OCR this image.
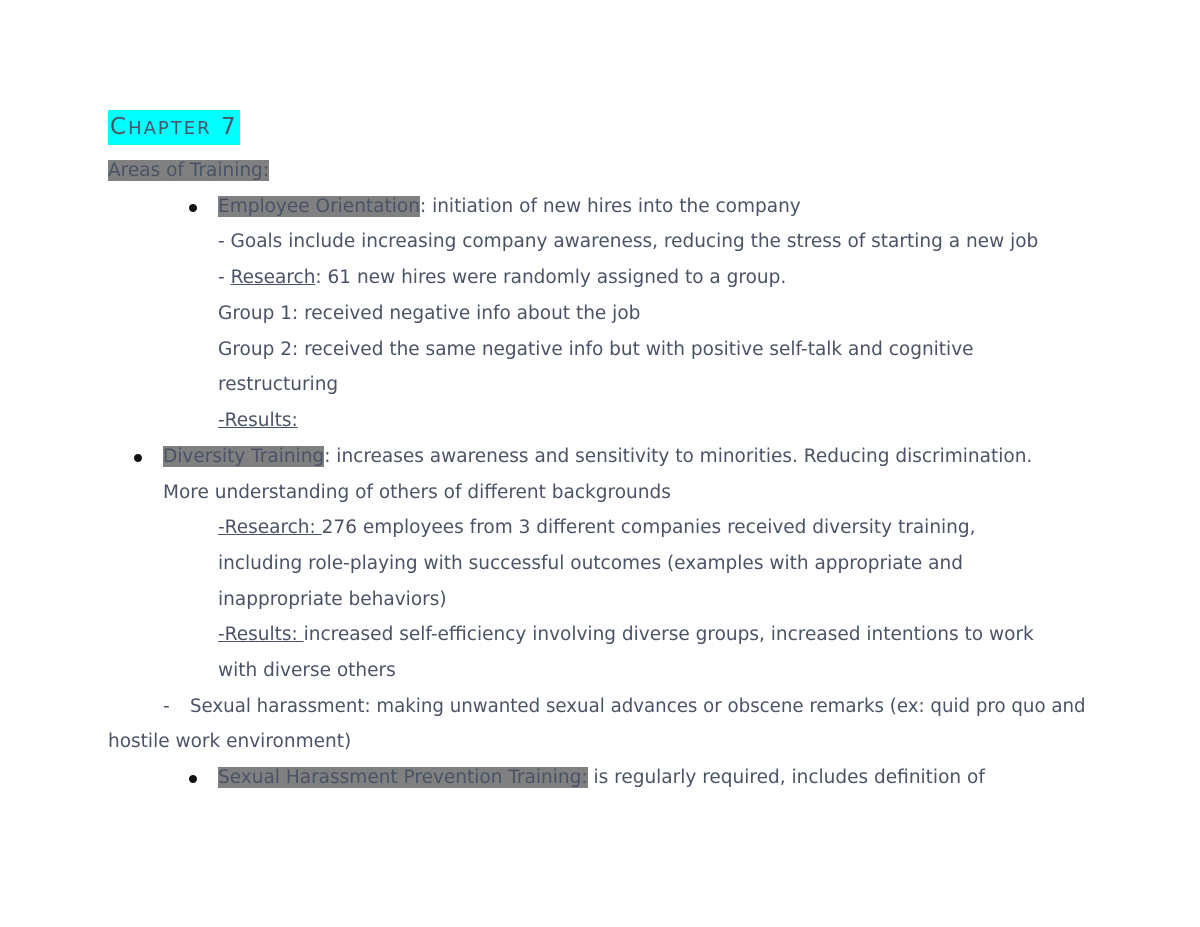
CHAPTER 7
Areas of Training:
Employee Orientation: initiation of new hires into the company
- Goals include increasing company awareness, reducing the stress of starting a new job
- Research: 61 new hires were randomly assigned to a group.
Group 1: received negative info about the job
Group 2: received the same negative info but with positive self-talk and cognitive
restructuring
-Results:
Diversity Training: increases awareness and sensitivity to minorities. Reducing discrimination.
More understanding of others of different backgrounds
-Research: 276 employees from 3 different companies received diversity training,
including role-playing with successful outcomes (examples with appropriate and
inappropriate behaviors)
-Results: increased self-efficiency involving diverse groups, increased intentions to work
with diverse others
- Sexual harassment: making unwanted sexual advances or obscene remarks (ex: quid pro quo and
hostile work environment)
Sexual Harassment Prevention Training: is regularly required, includes definition of
